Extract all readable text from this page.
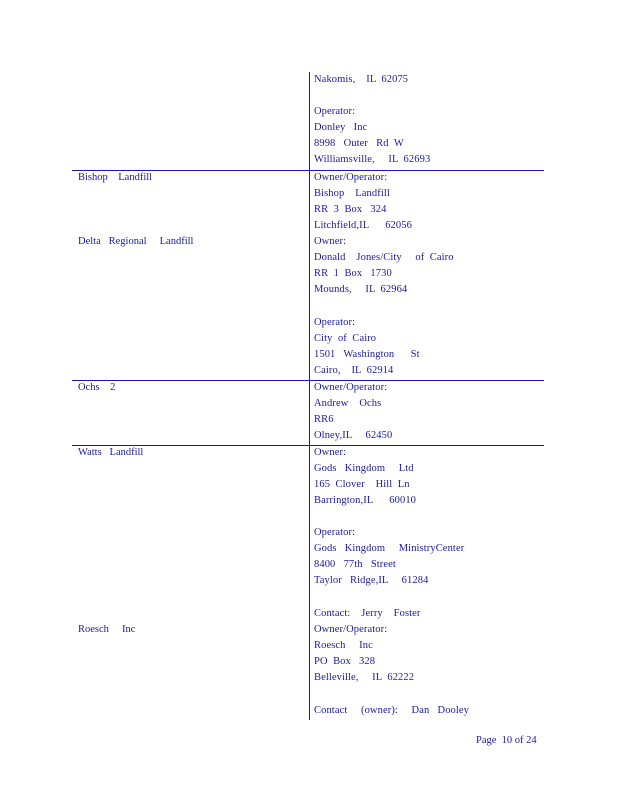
Nakomis,    IL  62075
Operator:
Donley   Inc
8998   Outer   Rd  W
Williamsville,     IL  62693
Bishop    Landfill	Owner/Operator:
Bishop    Landfill
RR  3  Box   324
Litchfield,IL      62056
Delta   Regional     Landfill	Owner:
Donald    Jones/City     of  Cairo
RR  1  Box   1730
Mounds,     IL  62964
Operator:
City  of  Cairo
1501   Washington      St
Cairo,    IL  62914
Ochs    2	Owner/Operator:
Andrew    Ochs
RR6
Olney,IL     62450
Watts   Landfill	Owner:
Gods   Kingdom     Ltd
165  Clover    Hill  Ln
Barrington,IL      60010
Operator:
Gods   Kingdom     MinistryCenter
8400   77th   Street
Taylor   Ridge,IL     61284
Contact:    Jerry    Foster
Roesch     Inc	Owner/Operator:
Roesch     Inc
PO  Box   328
Belleville,     IL  62222
Contact     (owner):     Dan   Dooley
Page  10 of 24
